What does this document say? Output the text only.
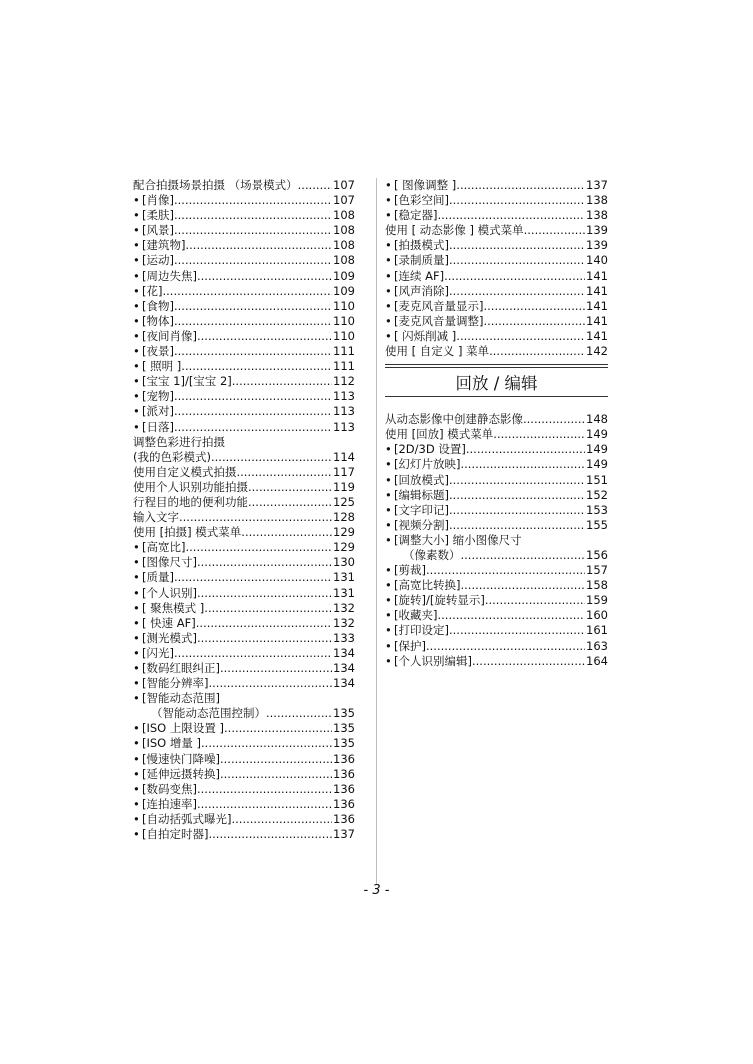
配合拍摄场景拍摄 （场景模式） .....	107
• [肖像] .....	107
• [柔肤] .....	108
• [风景] .....	108
• [建筑物] .....	108
• [运动] .....	108
• [周边失焦] .....	109
• [花] .....	109
• [食物] .....	110
• [物体] .....	110
• [夜间肖像] .....	110
• [夜景] .....	111
• [ 照明 ] .....	111
• [宝宝 1]/[宝宝 2] .....	112
• [宠物] .....	113
• [派对] .....	113
• [日落] .....	113
调整色彩进行拍摄
(我的色彩模式) .....	114
使用自定义模式拍摄 .....	117
使用个人识别功能拍摄 .....	119
行程目的地的便利功能 .....	125
输入文字 .....	128
使用 [拍摄] 模式菜单 .....	129
• [高宽比] .....	129
• [图像尺寸] .....	130
• [质量] .....	131
• [个人识别] .....	131
• [ 聚焦模式 ] .....	132
• [ 快速 AF] .....	132
• [测光模式] .....	133
• [闪光] .....	134
• [数码红眼纠正] .....	134
• [智能分辨率] .....	134
• [智能动态范围]
（智能动态范围控制） .....	135
• [ISO 上限设置 ] .....	135
• [ISO 增量 ] .....	135
• [慢速快门降噪] .....	136
• [延伸远摄转换] .....	136
• [数码变焦] .....	136
• [连拍速率] .....	136
• [自动括弧式曝光] .....	136
• [自拍定时器] .....	137
• [ 图像调整 ] .....	137
• [色彩空间] .....	138
• [稳定器] .....	138
使用 [ 动态影像 ] 模式菜单 .....	139
• [拍摄模式] .....	139
• [录制质量] .....	140
• [连续 AF] .....	141
• [风声消除] .....	141
• [麦克风音量显示] .....	141
• [麦克风音量调整] .....	141
• [ 闪烁削减 ] .....	141
使用 [ 自定义 ] 菜单 .....	142
回放 / 编辑
从动态影像中创建静态影像 .....	148
使用 [回放] 模式菜单 .....	149
• [2D/3D 设置] .....	149
• [幻灯片放映] .....	149
• [回放模式] .....	151
• [编辑标题] .....	152
• [文字印记] .....	153
• [视频分割] .....	155
• [调整大小] 缩小图像尺寸
（像素数） .....	156
• [剪裁] .....	157
• [高宽比转换] .....	158
• [旋转]/[旋转显示] .....	159
• [收藏夹] .....	160
• [打印设定] .....	161
• [保护] .....	163
• [个人识别编辑] .....	164
- 3 -
